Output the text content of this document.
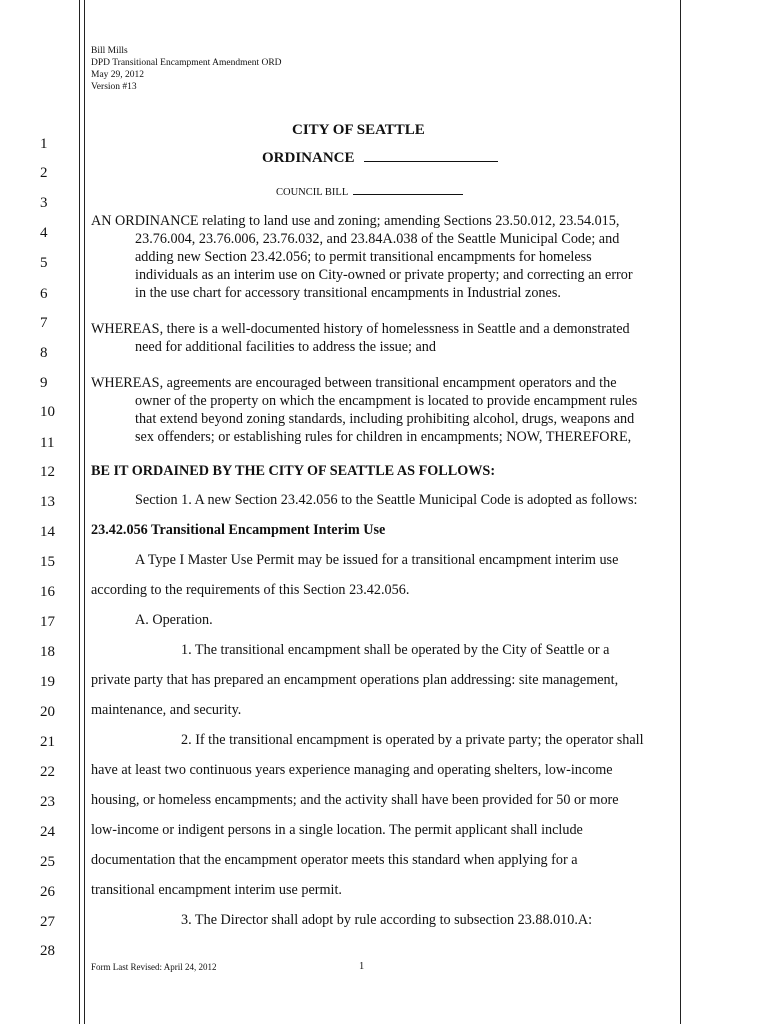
1
2
3
4
5
6
7
8
9
10
11
12
13
14
15
16
17
18
19
20
21
22
23
24
25
26
27
28
Bill Mills
DPD Transitional Encampment Amendment ORD
May 29, 2012
Version #13
CITY OF SEATTLE
ORDINANCE
COUNCIL BILL
AN ORDINANCE relating to land use and zoning; amending Sections 23.50.012, 23.54.015,
23.76.004, 23.76.006, 23.76.032, and 23.84A.038 of the Seattle Municipal Code; and
adding new Section 23.42.056; to permit transitional encampments for homeless
individuals as an interim use on City-owned or private property; and correcting an error
in the use chart for accessory transitional encampments in Industrial zones.
WHEREAS, there is a well-documented history of homelessness in Seattle and a demonstrated
need for additional facilities to address the issue; and
WHEREAS, agreements are encouraged between transitional encampment operators and the
owner of the property on which the encampment is located to provide encampment rules
that extend beyond zoning standards, including prohibiting alcohol, drugs, weapons and
sex offenders; or establishing rules for children in encampments; NOW, THEREFORE,
BE IT ORDAINED BY THE CITY OF SEATTLE AS FOLLOWS:
Section 1. A new Section 23.42.056 to the Seattle Municipal Code is adopted as follows:
23.42.056 Transitional Encampment Interim Use
A Type I Master Use Permit may be issued for a transitional encampment interim use
according to the requirements of this Section 23.42.056.
A. Operation.
1. The transitional encampment shall be operated by the City of Seattle or a
private party that has prepared an encampment operations plan addressing: site management,
maintenance, and security.
2. If the transitional encampment is operated by a private party; the operator shall
have at least two continuous years experience managing and operating shelters, low-income
housing, or homeless encampments; and the activity shall have been provided for 50 or more
low-income or indigent persons in a single location. The permit applicant shall include
documentation that the encampment operator meets this standard when applying for a
transitional encampment interim use permit.
3. The Director shall adopt by rule according to subsection 23.88.010.A:
Form Last Revised: April 24, 2012	1
